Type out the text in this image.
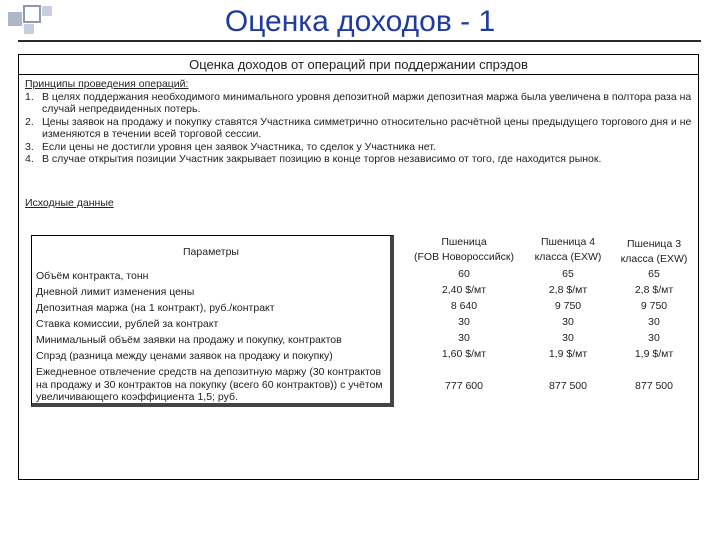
Оценка доходов - 1
Оценка доходов от операций при поддержании спрэдов
Принципы проведения операций:
1. В целях поддержания необходимого минимального уровня депозитной маржи депозитная маржа была увеличена в полтора раза на случай непредвиденных потерь.
2. Цены заявок на продажу и покупку ставятся Участника симметрично относительно расчётной цены предыдущего торгового дня и не изменяются в течении всей торговой сессии.
3. Если цены не достигли уровня цен заявок Участника, то сделок у Участника нет.
4. В случае открытия позиции Участник закрывает позицию в конце торгов независимо от того, где находится рынок.
Исходные данные
Параметры
Объём контракта, тонн
Дневной лимит изменения цены
Депозитная маржа (на 1 контракт), руб./контракт
Ставка комиссии, рублей за контракт
Минимальный объём заявки на продажу и покупку, контрактов
Спрэд (разница между ценами заявок на продажу и покупку)
Ежедневное отвлечение средств на депозитную маржу (30 контрактов на продажу и 30 контрактов на покупку (всего 60 контрактов)) с учётом увеличивающего коэффициента 1,5; руб.
Пшеница
(FOB Новороссийск)
60
2,40 $/мт
8 640
30
30
1,60 $/мт
777 600
Пшеница 4
класса (EXW)
65
2,8 $/мт
9 750
30
30
1,9 $/мт
877 500
Пшеница 3
класса (EXW)
65
2,8 $/мт
9 750
30
30
1,9 $/мт
877 500
